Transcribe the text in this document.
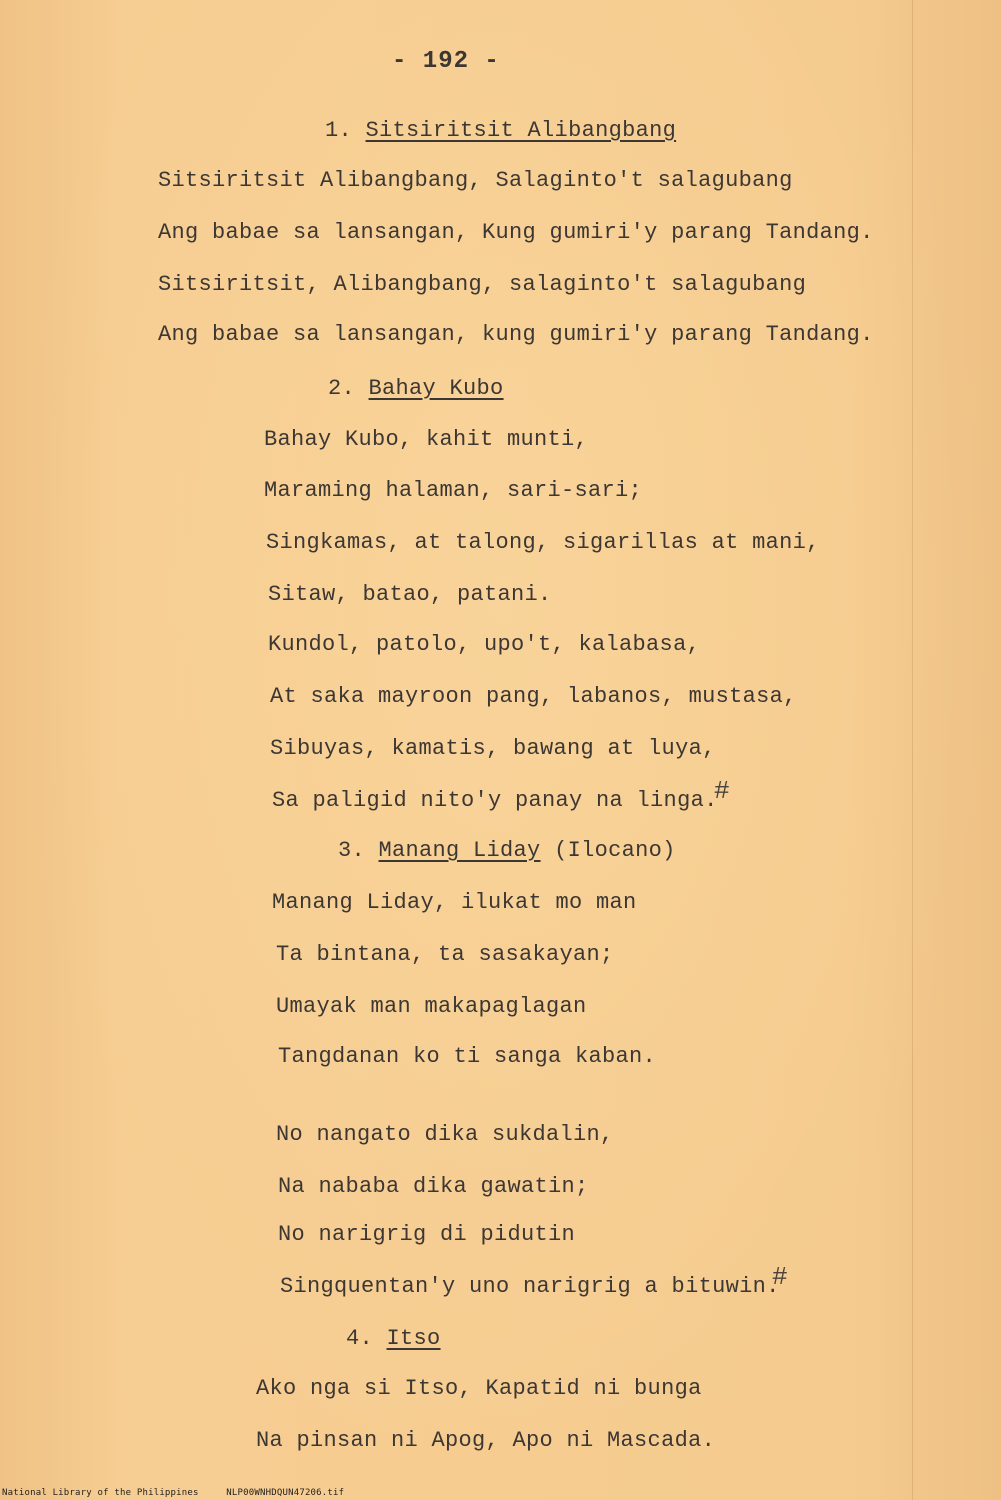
- 192 -
1. Sitsiritsit Alibangbang
Sitsiritsit Alibangbang, Salaginto't salagubang
Ang babae sa lansangan, Kung gumiri'y parang Tandang.
Sitsiritsit, Alibangbang, salaginto't salagubang
Ang babae sa lansangan, kung gumiri'y parang Tandang.
2. Bahay Kubo
Bahay Kubo, kahit munti,
Maraming halaman, sari-sari;
Singkamas, at talong, sigarillas at mani,
Sitaw, batao, patani.
Kundol, patolo, upo't, kalabasa,
At saka mayroon pang, labanos, mustasa,
Sibuyas, kamatis, bawang at luya,
Sa paligid nito'y panay na linga.
#
3. Manang Liday (Ilocano)
Manang Liday, ilukat mo man
Ta bintana, ta sasakayan;
Umayak man makapaglagan
Tangdanan ko ti sanga kaban.
No nangato dika sukdalin,
Na nababa dika gawatin;
No narigrig di pidutin
Singquentan'y uno narigrig a bituwin.
#
4. Itso
Ako nga si Itso, Kapatid ni bunga
Na pinsan ni Apog, Apo ni Mascada.
National Library of the Philippines	NLP00WNHDQUN47206.tif
